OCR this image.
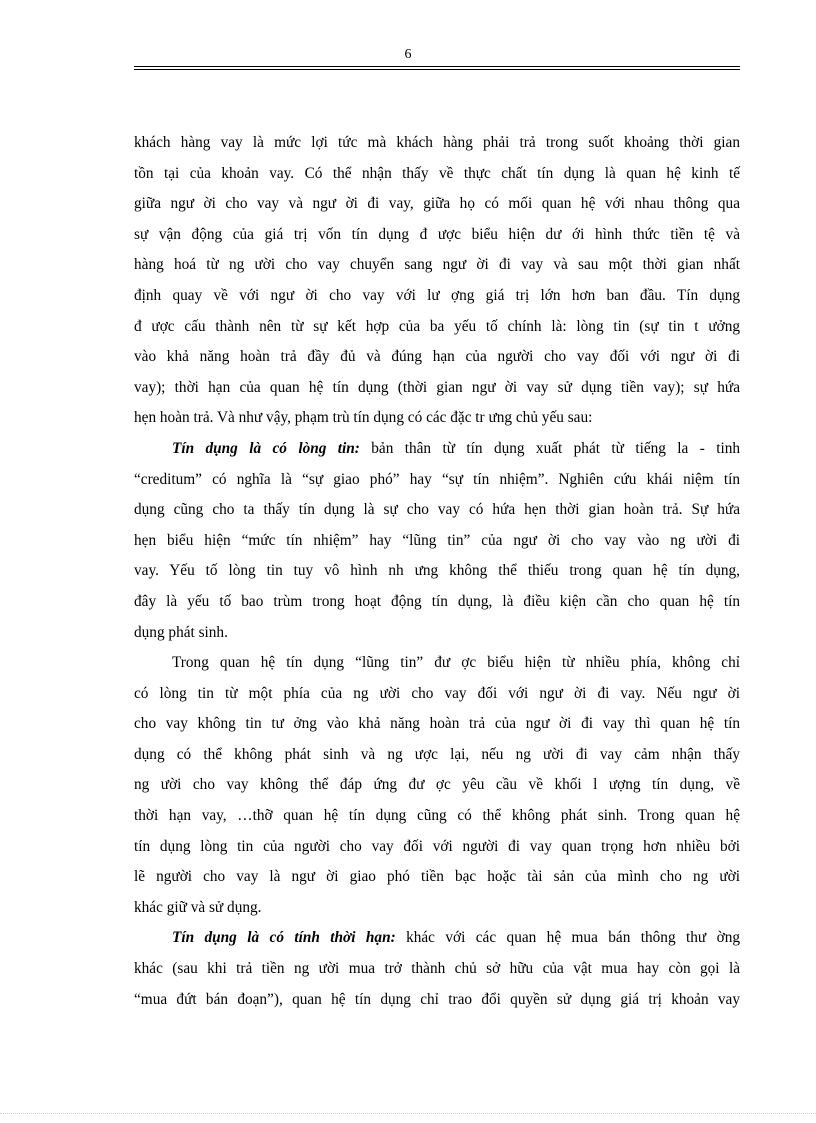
6
khách hàng vay là mức lợi tức mà khách hàng phải trả trong suốt khoảng thời gian
tồn tại của khoản vay. Có thể nhận thấy về thực chất tín dụng là quan hệ kinh tế
giữa ngư ời cho vay và ngư ời đi vay, giữa họ có mối quan hệ với nhau thông qua
sự vận động của giá trị vốn tín dụng đ ược biểu hiện dư ới hình thức tiền tệ và
hàng hoá từ ng ười cho vay chuyển sang ngư ời đi vay và sau một thời gian nhất
định quay về với ngư ời cho vay với lư ợng giá trị lớn hơn ban đầu. Tín dụng
đ ược cấu thành nên từ sự kết hợp của ba yếu tố chính là: lòng tin (sự tin t ưởng
vào khả năng hoàn trả đầy đủ và đúng hạn của người cho vay đối với ngư ời đi
vay); thời hạn của quan hệ tín dụng (thời gian ngư ời vay sử dụng tiền vay); sự hứa
hẹn hoàn trả. Và như vậy, phạm trù tín dụng có các đặc tr ưng chủ yếu sau:
Tín dụng là có lòng tin: bản thân từ tín dụng xuất phát từ tiếng la - tinh
“creditum” có nghĩa là “sự giao phó” hay “sự tín nhiệm”. Nghiên cứu khái niệm tín
dụng cũng cho ta thấy tín dụng là sự cho vay có hứa hẹn thời gian hoàn trả. Sự hứa
hẹn biểu hiện “mức tín nhiệm” hay “lũng tin” của ngư ời cho vay vào ng ười đi
vay. Yếu tố lòng tin tuy vô hình nh ưng không thể thiếu trong quan hệ tín dụng,
đây là yếu tố bao trùm trong hoạt động tín dụng, là điều kiện cần cho quan hệ tín
dụng phát sinh.
Trong quan hệ tín dụng “lũng tin” đư ợc biểu hiện từ nhiều phía, không chỉ
có lòng tin từ một phía của ng ười cho vay đối với ngư ời đi vay. Nếu ngư ời
cho vay không tin tư ởng vào khả năng hoàn trả của ngư ời đi vay thì quan hệ tín
dụng có thể không phát sinh và ng ược lại, nếu ng ười đi vay cảm nhận thấy
ng ười cho vay không thể đáp ứng đư ợc yêu cầu về khối l ượng tín dụng, về
thời hạn vay, …thỡ quan hệ tín dụng cũng có thể không phát sinh. Trong quan hệ
tín dụng lòng tin của người cho vay đối với người đi vay quan trọng hơn nhiều bởi
lẽ người cho vay là ngư ời giao phó tiền bạc hoặc tài sản của mình cho ng ười
khác giữ và sử dụng.
Tín dụng là có tính thời hạn: khác với các quan hệ mua bán thông thư ờng
khác (sau khi trả tiền ng ười mua trở thành chủ sở hữu của vật mua hay còn gọi là
“mua đứt bán đoạn”), quan hệ tín dụng chỉ trao đổi quyền sử dụng giá trị khoản vay
